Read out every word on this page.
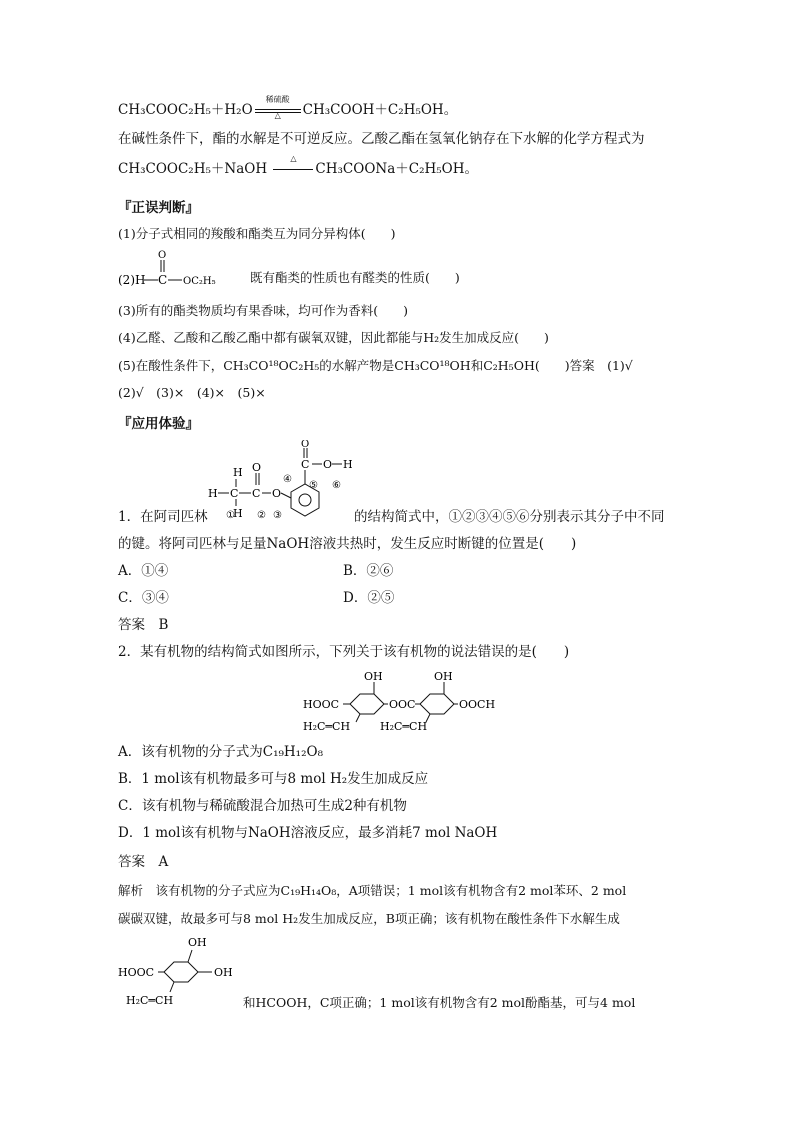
CH₃COOC₂H₅＋H₂O
稀硫酸
△	CH₃COOH＋C₂H₅OH。
在碱性条件下，酯的水解是不可逆反应。乙酸乙酯在氢氧化钠存在下水解的化学方程式为
CH₃COOC₂H₅＋NaOH
△
CH₃COONa＋C₂H₅OH。
『正误判断』
(1)分子式相同的羧酸和酯类互为同分异构体(　　)
(2)H C
O
OC₂H₅	既有酯类的性质也有醛类的性质(　　)
(3)所有的酯类物质均有果香味，均可作为香料(　　)
(4)乙醛、乙酸和乙酸乙酯中都有碳氧双键，因此都能与H₂发生加成反应(　　)
(5)在酸性条件下，CH₃CO¹⁸OC₂H₅的水解产物是CH₃CO¹⁸OH和C₂H₅OH(　　)答案　(1)√
(2)√　(3)×　(4)×　(5)×
『应用体验』
H
H C
H
C
O
O
C
O
O H
① ② ③
④
⑤ ⑥
1．在阿司匹林	的结构简式中，①②③④⑤⑥分别表示其分子中不同
的键。将阿司匹林与足量NaOH溶液共热时，发生反应时断键的位置是(　　)
A．①④	B．②⑥
C．③④	D．②⑤
答案　B
2．某有机物的结构简式如图所示，下列关于该有机物的说法错误的是(　　)
HOOC
OH
H₂C═CH
OOC
OH
H₂C═CH
OOCH
A．该有机物的分子式为C₁₉H₁₂O₈
B．1 mol该有机物最多可与8 mol H₂发生加成反应
C．该有机物与稀硫酸混合加热可生成2种有机物
D．1 mol该有机物与NaOH溶液反应，最多消耗7 mol NaOH
答案　A
解析　该有机物的分子式应为C₁₉H₁₄O₈，A项错误；1 mol该有机物含有2 mol苯环、2 mol
碳碳双键，故最多可与8 mol H₂发生加成反应，B项正确；该有机物在酸性条件下水解生成
HOOC
OH
OH
H₂C═CH	和HCOOH，C项正确；1 mol该有机物含有2 mol酚酯基，可与4 mol
